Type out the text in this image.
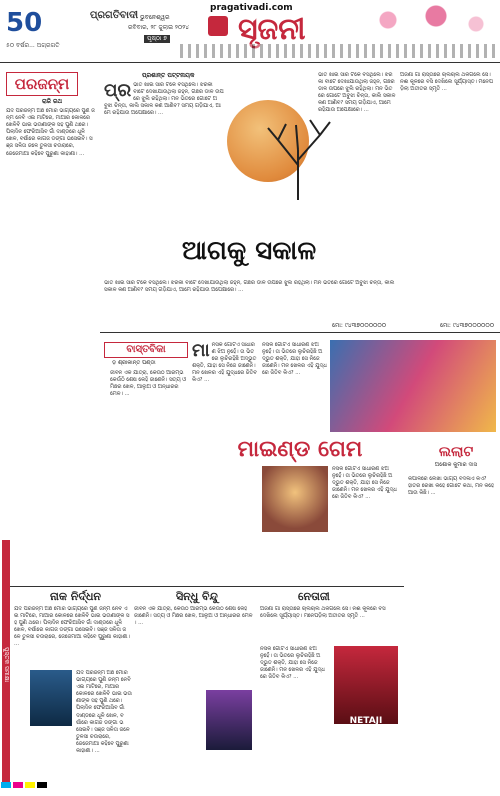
50
୫୦ ବର୍ଷର... ଅଗ୍ରଗତି
ପ୍ରଗତିବାଦୀ ଭୁବନେଶ୍ୱର
ରବିବାର, ୨୮ ଜୁଲାଇ ୨୦୨୪
ପୃଷ୍ଠା ୭
pragativadi.com
ସୃଜନୀ
ପରଜନ୍ମ
ରାଜି ରଥ
ଯଦି ପରଜନ୍ମ ଅଛି ମୋର ଭାଗ୍ୟରେ ପୁଣି ଜନ୍ମ ନେବି ଏଇ ମାଟିରେ, ମାଆର କୋଳରେ ଖେଳିବି ଭାଇ ଭଉଣୀଙ୍କ ସହ ପୁଣି ଥରେ। ପିଲାଦିନ ଫେରିଆସିବ ଗାଁ ଦାଣ୍ଡରେ ଧୂଳି ଖେଳ, ବର୍ଷାରେ କାଗଜ ଡଙ୍ଗା ଭସେଇବି। ସଞ୍ଜ ସଳିତା ଜଳେ ତୁଳସୀ ଚଉରାରେ, ଜେଜେମାଆ କହିବେ ପୁରୁଣା କାହାଣୀ। ...
ପ୍ରଶାନ୍ତ ପଟ୍ଟନାୟକ
ପ୍ର ଭାତ ଖାଇ ସାରି ଟିକେ ବସିଥିଲେ। ଝରକା ବାଟେ ଦେଖାଯାଉଥିଲା ଜହ୍ନ, ଗଛର ଡାଳ ଉପରେ ଝୁଲି ରହିଥିଲା। ମନ ଭିତରେ ଗୋଟେ ଅବୁଝା ଚିନ୍ତା, କାଲି ସକାଳ କଣ ଆଣିବ? ସମୟ ଗଡ଼ିଯାଏ, ଆମେ ରହିଯାଉ ଅପେକ୍ଷାରେ। ...
ଭାତ ଖାଇ ସାରି ଟିକେ ବସିଥିଲେ। ଝରକା ବାଟେ ଦେଖାଯାଉଥିଲା ଜହ୍ନ, ଗଛର ଡାଳ ଉପରେ ଝୁଲି ରହିଥିଲା। ମନ ଭିତରେ ଗୋଟେ ଅବୁଝା ଚିନ୍ତା, କାଲି ସକାଳ କଣ ଆଣିବ? ସମୟ ଗଡ଼ିଯାଏ, ଆମେ ରହିଯାଉ ଅପେକ୍ଷାରେ। ...
ଆଗକୁ ସକାଳ
ଭାତ ଖାଇ ସାରି ଟିକେ ବସିଥିଲେ। ଝରକା ବାଟେ ଦେଖାଯାଉଥିଲା ଜହ୍ନ, ଗଛର ଡାଳ ଉପରେ ଝୁଲି ରହିଥିଲା। ମନ ଭିତରେ ଗୋଟେ ଅବୁଝା ଚିନ୍ତା, କାଲି ସକାଳ କଣ ଆଣିବ? ସମୟ ଗଡ଼ିଯାଏ, ଆମେ ରହିଯାଉ ଅପେକ୍ଷାରେ। ...
ମୋ: ୯୪୩୭୦୦୦୦୦୦
ଅଜଣା ଗାଁ ରାସ୍ତାରେ ଚାଲିଚାଲି ଥକିଗଲେ ସେ। ନଈ କୂଳରେ ବସି ଦେଖିଲେ ସୂର୍ଯ୍ୟାସ୍ତ। ମନେପଡ଼ିଲା ଅତୀତର ସ୍ମୃତି ...
ମୋ: ୯୪୩୭୦୦୦୦୦୦
ବାସ୍ତବିକା
ଡ଼ ଶ୍ରୀକାନ୍ତ ପଣ୍ଡା
ଜୀବନ ଏକ ଯାତ୍ରା, କେଉଁଠି ଆରମ୍ଭ କେଉଁଠି ଶେଷ କେହି ଜାଣେନି। ସତ୍ୟ ଓ ମିଛର ଖେଳ, ଆଲୁଅ ଓ ଅନ୍ଧାରର ମେଳ। ...
ମା ନସିକ ଗୋଟିଏ ସାଧାରଣ ଝିଅ ନୁହେଁ। ତା ଭିତରେ ଲୁଚିରହିଛି ଅଦ୍ଭୁତ ଶକ୍ତି, ଯାହା ସେ ନିଜେ ଜାଣେନି। ମନ ଖେଳର ଏହି ଯୁଦ୍ଧରେ ଜିତିବ କିଏ? ...
ନସିକ ଗୋଟିଏ ସାଧାରଣ ଝିଅ ନୁହେଁ। ତା ଭିତରେ ଲୁଚିରହିଛି ଅଦ୍ଭୁତ ଶକ୍ତି, ଯାହା ସେ ନିଜେ ଜାଣେନି। ମନ ଖେଳର ଏହି ଯୁଦ୍ଧରେ ଜିତିବ କିଏ? ...
ମାଇଣ୍ଡ ଗେମ
ନସିକ ଗୋଟିଏ ସାଧାରଣ ଝିଅ ନୁହେଁ। ତା ଭିତରେ ଲୁଚିରହିଛି ଅଦ୍ଭୁତ ଶକ୍ତି, ଯାହା ସେ ନିଜେ ଜାଣେନି। ମନ ଖେଳର ଏହି ଯୁଦ୍ଧରେ ଜିତିବ କିଏ? ...
ଲଲାଟ
ଅଶୋକ କୁମାର ଦାସ
କପାଳରେ ଲେଖା ଭାଗ୍ୟ ବଦଳାଏ କିଏ? ହାତର ରେଖା କହେ ଗୋଟେ କଥା, ମନ କହେ ଆଉ କିଛି। ...
ନାକ ନିର୍ଦ୍ଧନ	ସିନ୍ଧୁ ବିନ୍ଦୁ	ନେତାଜୀ
ଯଦି ପରଜନ୍ମ ଅଛି ମୋର ଭାଗ୍ୟରେ ପୁଣି ଜନ୍ମ ନେବି ଏଇ ମାଟିରେ, ମାଆର କୋଳରେ ଖେଳିବି ଭାଇ ଭଉଣୀଙ୍କ ସହ ପୁଣି ଥରେ। ପିଲାଦିନ ଫେରିଆସିବ ଗାଁ ଦାଣ୍ଡରେ ଧୂଳି ଖେଳ, ବର୍ଷାରେ କାଗଜ ଡଙ୍ଗା ଭସେଇବି। ସଞ୍ଜ ସଳିତା ଜଳେ ତୁଳସୀ ଚଉରାରେ, ଜେଜେମାଆ କହିବେ ପୁରୁଣା କାହାଣୀ। ...
ଜୀବନ ଏକ ଯାତ୍ରା, କେଉଁଠି ଆରମ୍ଭ କେଉଁଠି ଶେଷ କେହି ଜାଣେନି। ସତ୍ୟ ଓ ମିଛର ଖେଳ, ଆଲୁଅ ଓ ଅନ୍ଧାରର ମେଳ। ...
ଅଜଣା ଗାଁ ରାସ୍ତାରେ ଚାଲିଚାଲି ଥକିଗଲେ ସେ। ନଈ କୂଳରେ ବସି ଦେଖିଲେ ସୂର୍ଯ୍ୟାସ୍ତ। ମନେପଡ଼ିଲା ଅତୀତର ସ୍ମୃତି ...
ଯଦି ପରଜନ୍ମ ଅଛି ମୋର ଭାଗ୍ୟରେ ପୁଣି ଜନ୍ମ ନେବି ଏଇ ମାଟିରେ, ମାଆର କୋଳରେ ଖେଳିବି ଭାଇ ଭଉଣୀଙ୍କ ସହ ପୁଣି ଥରେ। ପିଲାଦିନ ଫେରିଆସିବ ଗାଁ ଦାଣ୍ଡରେ ଧୂଳି ଖେଳ, ବର୍ଷାରେ କାଗଜ ଡଙ୍ଗା ଭସେଇବି। ସଞ୍ଜ ସଳିତା ଜଳେ ତୁଳସୀ ଚଉରାରେ, ଜେଜେମାଆ କହିବେ ପୁରୁଣା କାହାଣୀ। ...
NETAJI
ନସିକ ଗୋଟିଏ ସାଧାରଣ ଝିଅ ନୁହେଁ। ତା ଭିତରେ ଲୁଚିରହିଛି ଅଦ୍ଭୁତ ଶକ୍ତି, ଯାହା ସେ ନିଜେ ଜାଣେନି। ମନ ଖେଳର ଏହି ଯୁଦ୍ଧରେ ଜିତିବ କିଏ? ...
ପୁସ୍ତକ ସମୀକ୍ଷା
